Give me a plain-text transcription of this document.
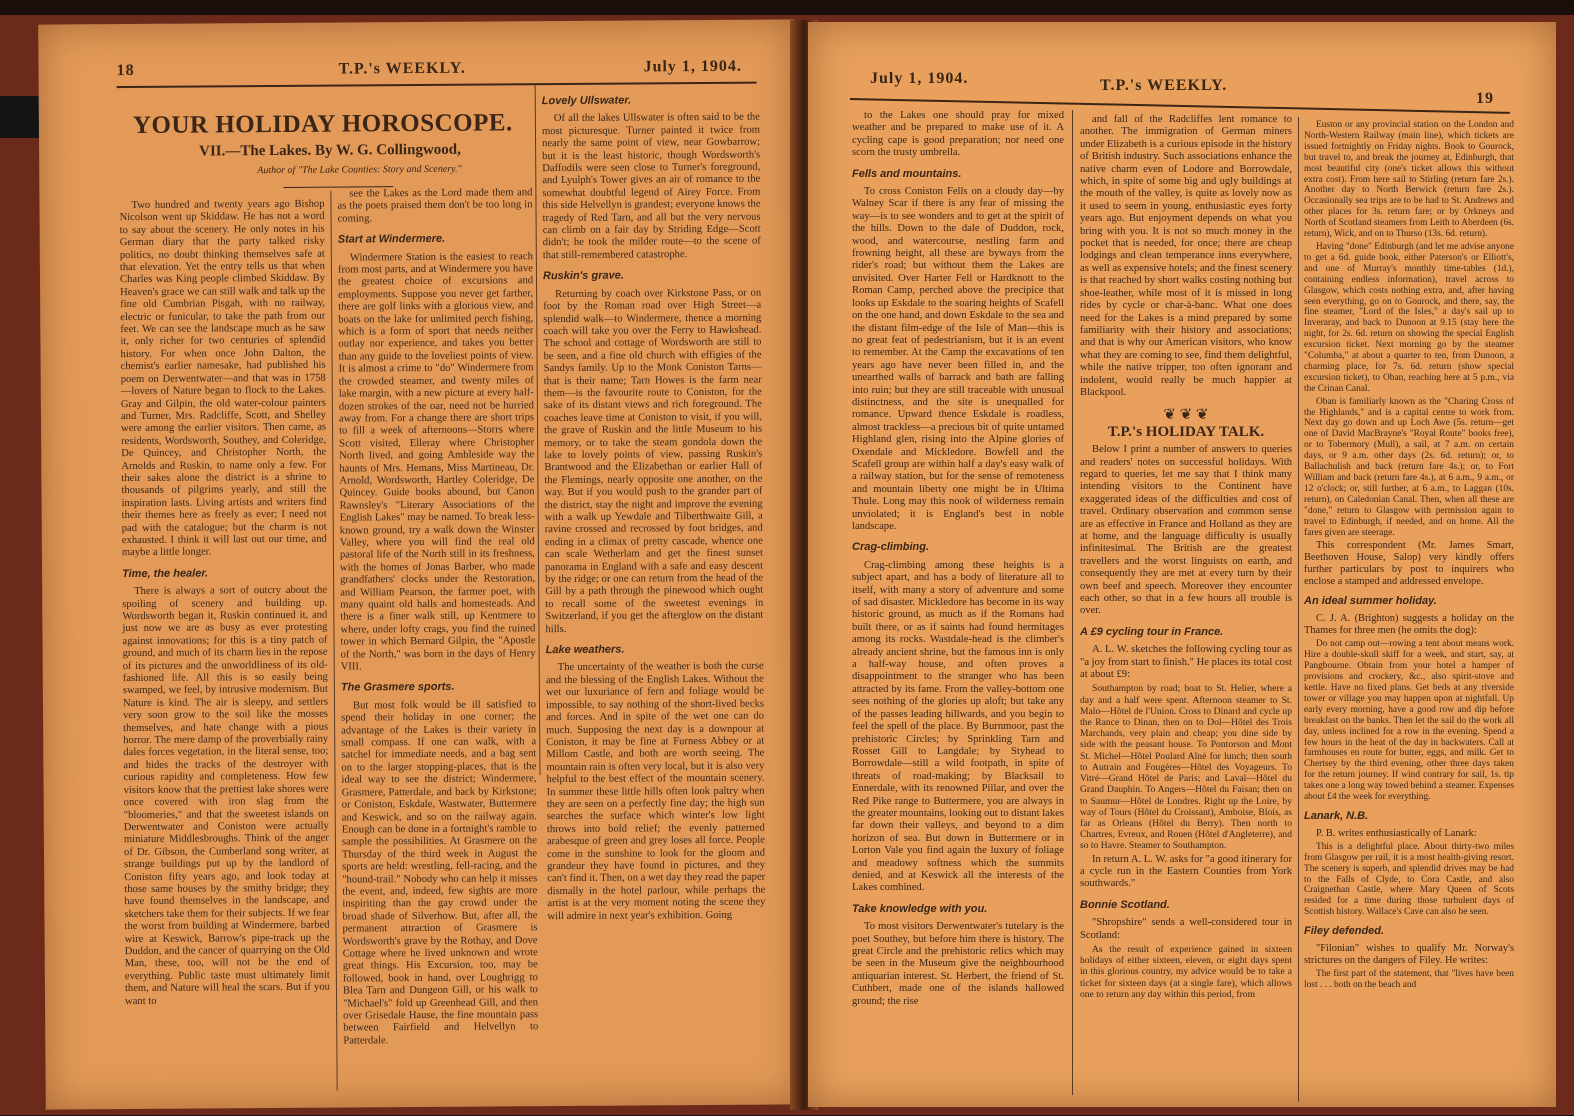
18	T.P.'s WEEKLY.	July 1, 1904.
YOUR HOLIDAY HOROSCOPE.
VII.—The Lakes. By W. G. Collingwood,
Author of "The Lake Counties: Story and Scenery."

Two hundred and twenty years ago Bishop Nicolson went up Skiddaw. He has not a word to say about the scenery. He only notes in his German diary that the party talked risky politics, no doubt thinking themselves safe at that elevation. Yet the entry tells us that when Charles was King people climbed Skiddaw. By Heaven's grace we can still walk and talk up the fine old Cumbrian Pisgah, with no railway, electric or funicular, to take the path from our feet. We can see the landscape much as he saw it, only richer for two centuries of splendid history. For when once John Dalton, the chemist's earlier namesake, had published his poem on Derwentwater—and that was in 1758—lovers of Nature began to flock to the Lakes. Gray and Gilpin, the old water-colour painters and Turner, Mrs. Radcliffe, Scott, and Shelley were among the earlier visitors. Then came, as residents, Wordsworth, Southey, and Coleridge, De Quincey, and Christopher North, the Arnolds and Ruskin, to name only a few. For their sakes alone the district is a shrine to thousands of pilgrims yearly, and still the inspiration lasts. Living artists and writers find their themes here as freely as ever; I need not pad with the catalogue; but the charm is not exhausted. I think it will last out our time, and maybe a little longer.

Time, the healer.

There is always a sort of outcry about the spoiling of scenery and building up. Wordsworth began it, Ruskin continued it, and just now we are as busy as ever protesting against innovations; for this is a tiny patch of ground, and much of its charm lies in the repose of its pictures and the unworldliness of its old-fashioned life. All this is so easily being swamped, we feel, by intrusive modernism. But Nature is kind. The air is sleepy, and settlers very soon grow to the soil like the mosses themselves, and hate change with a pious horror. The mere damp of the proverbially rainy dales forces vegetation, in the literal sense, too; and hides the tracks of the destroyer with curious rapidity and completeness. How few visitors know that the prettiest lake shores were once covered with iron slag from the "bloomeries," and that the sweetest islands on Derwentwater and Coniston were actually miniature Middlesbroughs. Think of the anger of Dr. Gibson, the Cumberland song writer, at strange buildings put up by the landlord of Coniston fifty years ago, and look today at those same houses by the smithy bridge; they have found themselves in the landscape, and sketchers take them for their subjects. If we fear the worst from building at Windermere, barbed wire at Keswick, Barrow's pipe-track up the Duddon, and the cancer of quarrying on the Old Man, these, too, will not be the end of everything. Public taste must ultimately limit them, and Nature will heal the scars. But if you want to

see the Lakes as the Lord made them and as the poets praised them don't be too long in coming.

Start at Windermere.

Windermere Station is the easiest to reach from most parts, and at Windermere you have the greatest choice of excursions and employments. Suppose you never get farther, there are golf links with a glorious view, and boats on the lake for unlimited perch fishing, which is a form of sport that needs neither outlay nor experience, and takes you better than any guide to the loveliest points of view. It is almost a crime to "do" Windermere from the crowded steamer, and twenty miles of lake margin, with a new picture at every half-dozen strokes of the oar, need not be hurried away from. For a change there are short trips to fill a week of afternoons—Storrs where Scott visited, Elleray where Christopher North lived, and going Ambleside way the haunts of Mrs. Hemans, Miss Martineau, Dr. Arnold, Wordsworth, Hartley Coleridge, De Quincey. Guide books abound, but Canon Rawnsley's "Literary Associations of the English Lakes" may be named. To break less-known ground, try a walk down the Winster Valley, where you will find the real old pastoral life of the North still in its freshness, with the homes of Jonas Barber, who made grandfathers' clocks under the Restoration, and William Pearson, the farmer poet, with many quaint old halls and homesteads. And there is a finer walk still, up Kentmere to where, under lofty crags, you find the ruined tower in which Bernard Gilpin, the "Apostle of the North," was born in the days of Henry VIII.

The Grasmere sports.

But most folk would be ill satisfied to spend their holiday in one corner; the advantage of the Lakes is their variety in small compass. If one can walk, with a satchel for immediate needs, and a bag sent on to the larger stopping-places, that is the ideal way to see the district; Windermere, Grasmere, Patterdale, and back by Kirkstone; or Coniston, Eskdale, Wastwater, Buttermere and Keswick, and so on the railway again. Enough can be done in a fortnight's ramble to sample the possibilities. At Grasmere on the Thursday of the third week in August the sports are held: wrestling, fell-racing, and the "hound-trail." Nobody who can help it misses the event, and, indeed, few sights are more inspiriting than the gay crowd under the broad shade of Silverhow. But, after all, the permanent attraction of Grasmere is Wordsworth's grave by the Rothay, and Dove Cottage where he lived unknown and wrote great things. His Excursion, too, may be followed, book in hand, over Loughrigg to Blea Tarn and Dungeon Gill, or his walk to "Michael's" fold up Greenhead Gill, and then over Grisedale Hause, the fine mountain pass between Fairfield and Helvellyn to Patterdale.

Lovely Ullswater.

Of all the lakes Ullswater is often said to be the most picturesque. Turner painted it twice from nearly the same point of view, near Gowbarrow; but it is the least historic, though Wordsworth's Daffodils were seen close to Turner's foreground, and Lyulph's Tower gives an air of romance to the somewhat doubtful legend of Airey Force. From this side Helvellyn is grandest; everyone knows the tragedy of Red Tarn, and all but the very nervous can climb on a fair day by Striding Edge—Scott didn't; he took the milder route—to the scene of that still-remembered catastrophe.

Ruskin's grave.

Returning by coach over Kirkstone Pass, or on foot by the Roman road over High Street—a splendid walk—to Windermere, thence a morning coach will take you over the Ferry to Hawkshead. The school and cottage of Wordsworth are still to be seen, and a fine old church with effigies of the Sandys family. Up to the Monk Coniston Tarns—that is their name; Tarn Howes is the farm near them—is the favourite route to Coniston, for the sake of its distant views and rich foreground. The coaches leave time at Coniston to visit, if you will, the grave of Ruskin and the little Museum to his memory, or to take the steam gondola down the lake to lovely points of view, passing Ruskin's Brantwood and the Elizabethan or earlier Hall of the Flemings, nearly opposite one another, on the way. But if you would push to the grander part of the district, stay the night and improve the evening with a walk up Yewdale and Tilberthwaite Gill, a ravine crossed and recrossed by foot bridges, and ending in a climax of pretty cascade, whence one can scale Wetherlam and get the finest sunset panorama in England with a safe and easy descent by the ridge; or one can return from the head of the Gill by a path through the pinewood which ought to recall some of the sweetest evenings in Switzerland, if you get the afterglow on the distant hills.

Lake weathers.

The uncertainty of the weather is both the curse and the blessing of the English Lakes. Without the wet our luxuriance of fern and foliage would be impossible, to say nothing of the short-lived becks and forces. And in spite of the wet one can do much. Supposing the next day is a downpour at Coniston, it may be fine at Furness Abbey or at Millom Castle, and both are worth seeing. The mountain rain is often very local, but it is also very helpful to the best effect of the mountain scenery. In summer these little hills often look paltry when they are seen on a perfectly fine day; the high sun searches the surface which winter's low light throws into bold relief; the evenly patterned arabesque of green and grey loses all force. People come in the sunshine to look for the gloom and grandeur they have found in pictures, and they can't find it. Then, on a wet day they read the paper dismally in the hotel parlour, while perhaps the artist is at the very moment noting the scene they will admire in next year's exhibition. Going

July 1, 1904.	T.P.'s WEEKLY.
19

to the Lakes one should pray for mixed weather and be prepared to make use of it. A cycling cape is good preparation; nor need one scorn the trusty umbrella.

Fells and mountains.

To cross Coniston Fells on a cloudy day—by Walney Scar if there is any fear of missing the way—is to see wonders and to get at the spirit of the hills. Down to the dale of Duddon, rock, wood, and watercourse, nestling farm and frowning height, all these are byways from the rider's road; but without them the Lakes are unvisited. Over Harter Fell or Hardknott to the Roman Camp, perched above the precipice that looks up Eskdale to the soaring heights of Scafell on the one hand, and down Eskdale to the sea and the distant film-edge of the Isle of Man—this is no great feat of pedestrianism, but it is an event to remember. At the Camp the excavations of ten years ago have never been filled in, and the unearthed walls of barrack and bath are falling into ruin; but they are still traceable with unusual distinctness, and the site is unequalled for romance. Upward thence Eskdale is roadless, almost trackless—a precious bit of quite untamed Highland glen, rising into the Alpine glories of Oxendale and Mickledore. Bowfell and the Scafell group are within half a day's easy walk of a railway station, but for the sense of remoteness and mountain liberty one might be in Ultima Thule. Long may this nook of wilderness remain unviolated; it is England's best in noble landscape.

Crag-climbing.

Crag-climbing among these heights is a subject apart, and has a body of literature all to itself, with many a story of adventure and some of sad disaster. Mickledore has become in its way historic ground, as much as if the Romans had built there, or as if saints had found hermitages among its rocks. Wastdale-head is the climber's already ancient shrine, but the famous inn is only a half-way house, and often proves a disappointment to the stranger who has been attracted by its fame. From the valley-bottom one sees nothing of the glories up aloft; but take any of the passes leading hillwards, and you begin to feel the spell of the place. By Burnmoor, past the prehistoric Circles; by Sprinkling Tarn and Rosset Gill to Langdale; by Styhead to Borrowdale—still a wild footpath, in spite of threats of road-making; by Blacksail to Ennerdale, with its renowned Pillar, and over the Red Pike range to Buttermere, you are always in the greater mountains, looking out to distant lakes far down their valleys, and beyond to a dim horizon of sea. But down in Buttermere or in Lorton Vale you find again the luxury of foliage and meadowy softness which the summits denied, and at Keswick all the interests of the Lakes combined.

Take knowledge with you.

To most visitors Derwentwater's tutelary is the poet Southey, but before him there is history. The great Circle and the prehistoric relics which may be seen in the Museum give the neighbourhood antiquarian interest. St. Herbert, the friend of St. Cuthbert, made one of the islands hallowed ground; the rise

and fall of the Radcliffes lent romance to another. The immigration of German miners under Elizabeth is a curious episode in the history of British industry. Such associations enhance the native charm even of Lodore and Borrowdale, which, in spite of some big and ugly buildings at the mouth of the valley, is quite as lovely now as it used to seem in young, enthusiastic eyes forty years ago. But enjoyment depends on what you bring with you. It is not so much money in the pocket that is needed, for once; there are cheap lodgings and clean temperance inns everywhere, as well as expensive hotels; and the finest scenery is that reached by short walks costing nothing but shoe-leather, while most of it is missed in long rides by cycle or char-à-banc. What one does need for the Lakes is a mind prepared by some familiarity with their history and associations; and that is why our American visitors, who know what they are coming to see, find them delightful, while the native tripper, too often ignorant and indolent, would really be much happier at Blackpool.

❦ ❦ ❦
T.P.'s HOLIDAY TALK.

Below I print a number of answers to queries and readers' notes on successful holidays. With regard to queries, let me say that I think many intending visitors to the Continent have exaggerated ideas of the difficulties and cost of travel. Ordinary observation and common sense are as effective in France and Holland as they are at home, and the language difficulty is usually infinitesimal. The British are the greatest travellers and the worst linguists on earth, and consequently they are met at every turn by their own beef and speech. Moreover they encounter each other, so that in a few hours all trouble is over.

A £9 cycling tour in France.

A. L. W. sketches the following cycling tour as "a joy from start to finish." He places its total cost at about £9:

Southampton by road; boat to St. Helier, where a day and a half were spent. Afternoon steamer to St. Malo—Hôtel de l'Union. Cross to Dinard and cycle up the Rance to Dinan, then on to Dol—Hôtel des Trois Marchands, very plain and cheap; you dine side by side with the peasant house. To Pontorson and Mont St. Michel—Hôtel Poulard Aîné for lunch; then south to Autrain and Fougères—Hôtel des Voyageurs. To Vitré—Grand Hôtel de Paris; and Laval—Hôtel du Grand Dauphin. To Angers—Hôtel du Faisan; then on to Saumur—Hôtel de Londres. Right up the Loire, by way of Tours (Hôtel du Croissant), Amboise, Blois, as far as Orleans (Hôtel du Berry). Then north to Chartres, Evreux, and Rouen (Hôtel d'Angleterre), and so to Havre. Steamer to Southampton.

In return A. L. W. asks for "a good itinerary for a cycle run in the Eastern Counties from York southwards."

Bonnie Scotland.

"Shropshire" sends a well-considered tour in Scotland:

As the result of experience gained in sixteen holidays of either sixteen, eleven, or eight days spent in this glorious country, my advice would be to take a ticket for sixteen days (at a single fare), which allows one to return any day within this period, from

Euston or any provincial station on the London and North-Western Railway (main line), which tickets are issued fortnightly on Friday nights. Book to Gourock, but travel to, and break the journey at, Edinburgh, that most beautiful city (one's ticket allows this without extra cost). From here sail to Stirling (return fare 2s.). Another day to North Berwick (return fare 2s.). Occasionally sea trips are to be had to St. Andrews and other places for 3s. return fare; or by Orkneys and North of Scotland steamers from Leith to Aberdeen (6s. return), Wick, and on to Thurso (13s. 6d. return).

Having "done" Edinburgh (and let me advise anyone to get a 6d. guide book, either Paterson's or Elliott's, and one of Murray's monthly time-tables (1d.), containing endless information), travel across to Glasgow, which costs nothing extra, and, after having seen everything, go on to Gourock, and there, say, the fine steamer, "Lord of the Isles," a day's sail up to Inveraray, and back to Dunoon at 9.15 (stay here the night, for 2s. 6d. return on showing the special English excursion ticket. Next morning go by the steamer "Columba," at about a quarter to ten, from Dunoon, a charming place, for 7s. 6d. return (show special excursion ticket), to Oban, reaching here at 5 p.m., via the Crinan Canal.

Oban is familiarly known as the "Charing Cross of the Highlands," and is a capital centre to work from. Next day go down and up Loch Awe (5s. return—get one of David MacBrayne's "Royal Route" books free), or to Tobermory (Mull), a sail, at 7 a.m. on certain days, or 9 a.m. other days (2s. 6d. return); or, to Ballachulish and back (return fare 4s.); or, to Fort William and back (return fare 4s.), at 6 a.m., 9 a.m., or 12 o'clock; or, still further, at 6 a.m., to Laggan (10s. return), on Caledonian Canal. Then, when all these are "done," return to Glasgow with permission again to travel to Edinburgh, if needed, and on home. All the fares given are steerage.

This correspondent (Mr. James Smart, Beethoven House, Salop) very kindly offers further particulars by post to inquirers who enclose a stamped and addressed envelope.

An ideal summer holiday.

C. J. A. (Brighton) suggests a holiday on the Thames for three men (he omits the dog):

Do not camp out—rowing a tent about means work. Hire a double-skull skiff for a week, and start, say, at Pangbourne. Obtain from your hotel a hamper of provisions and crockery, &c., also spirit-stove and kettle. Have no fixed plans. Get beds at any riverside tower or village you may happen upon at nightfall. Up early every morning, have a good row and dip before breakfast on the banks. Then let the sail do the work all day, unless inclined for a row in the evening. Spend a few hours in the heat of the day in backwaters. Call at farmhouses en route for butter, eggs, and milk. Get to Chertsey by the third evening, other three days taken for the return journey. If wind contrary for sail, 1s. tip takes one a long way towed behind a steamer. Expenses about £4 the week for everything.

Lanark, N.B.

P. B. writes enthusiastically of Lanark:

This is a delightful place. About thirty-two miles from Glasgow per rail, it is a most health-giving resort. The scenery is superb, and splendid drives may be had to the Falls of Clyde, to Cora Castle, and also Craignethan Castle, where Mary Queen of Scots resided for a time during those turbulent days of Scottish history. Wallace's Cave can also be seen.

Filey defended.

"Filonian" wishes to qualify Mr. Norway's strictures on the dangers of Filey. He writes:

The first part of the statement, that "lives have been lost . . . both on the beach and
